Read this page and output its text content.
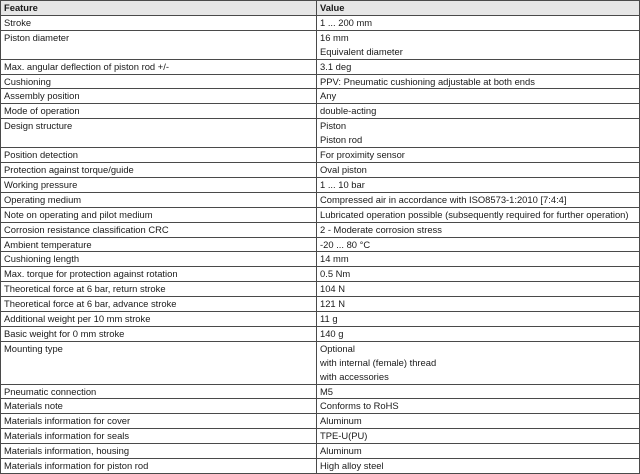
Feature	Value
Stroke	1 ... 200 mm

Piston diameter	16 mm
Equivalent diameter

Max. angular deflection of piston rod +/-	3.1 deg

Cushioning	PPV: Pneumatic cushioning adjustable at both ends

Assembly position	Any

Mode of operation	double-acting

Design structure	Piston
Piston rod

Position detection	For proximity sensor

Protection against torque/guide	Oval piston

Working pressure	1 ... 10 bar

Operating medium	Compressed air in accordance with ISO8573-1:2010 [7:4:4]

Note on operating and pilot medium	Lubricated operation possible (subsequently required for further operation)

Corrosion resistance classification CRC	2 - Moderate corrosion stress

Ambient temperature	-20 ... 80 °C

Cushioning length	14 mm

Max. torque for protection against rotation	0.5 Nm

Theoretical force at 6 bar, return stroke	104 N

Theoretical force at 6 bar, advance stroke	121 N

Additional weight per 10 mm stroke	11 g

Basic weight for 0 mm stroke	140 g

Mounting type	Optional
with internal (female) thread
with accessories

Pneumatic connection	M5

Materials note	Conforms to RoHS

Materials information for cover	Aluminum

Materials information for seals	TPE-U(PU)

Materials information, housing	Aluminum

Materials information for piston rod	High alloy steel
